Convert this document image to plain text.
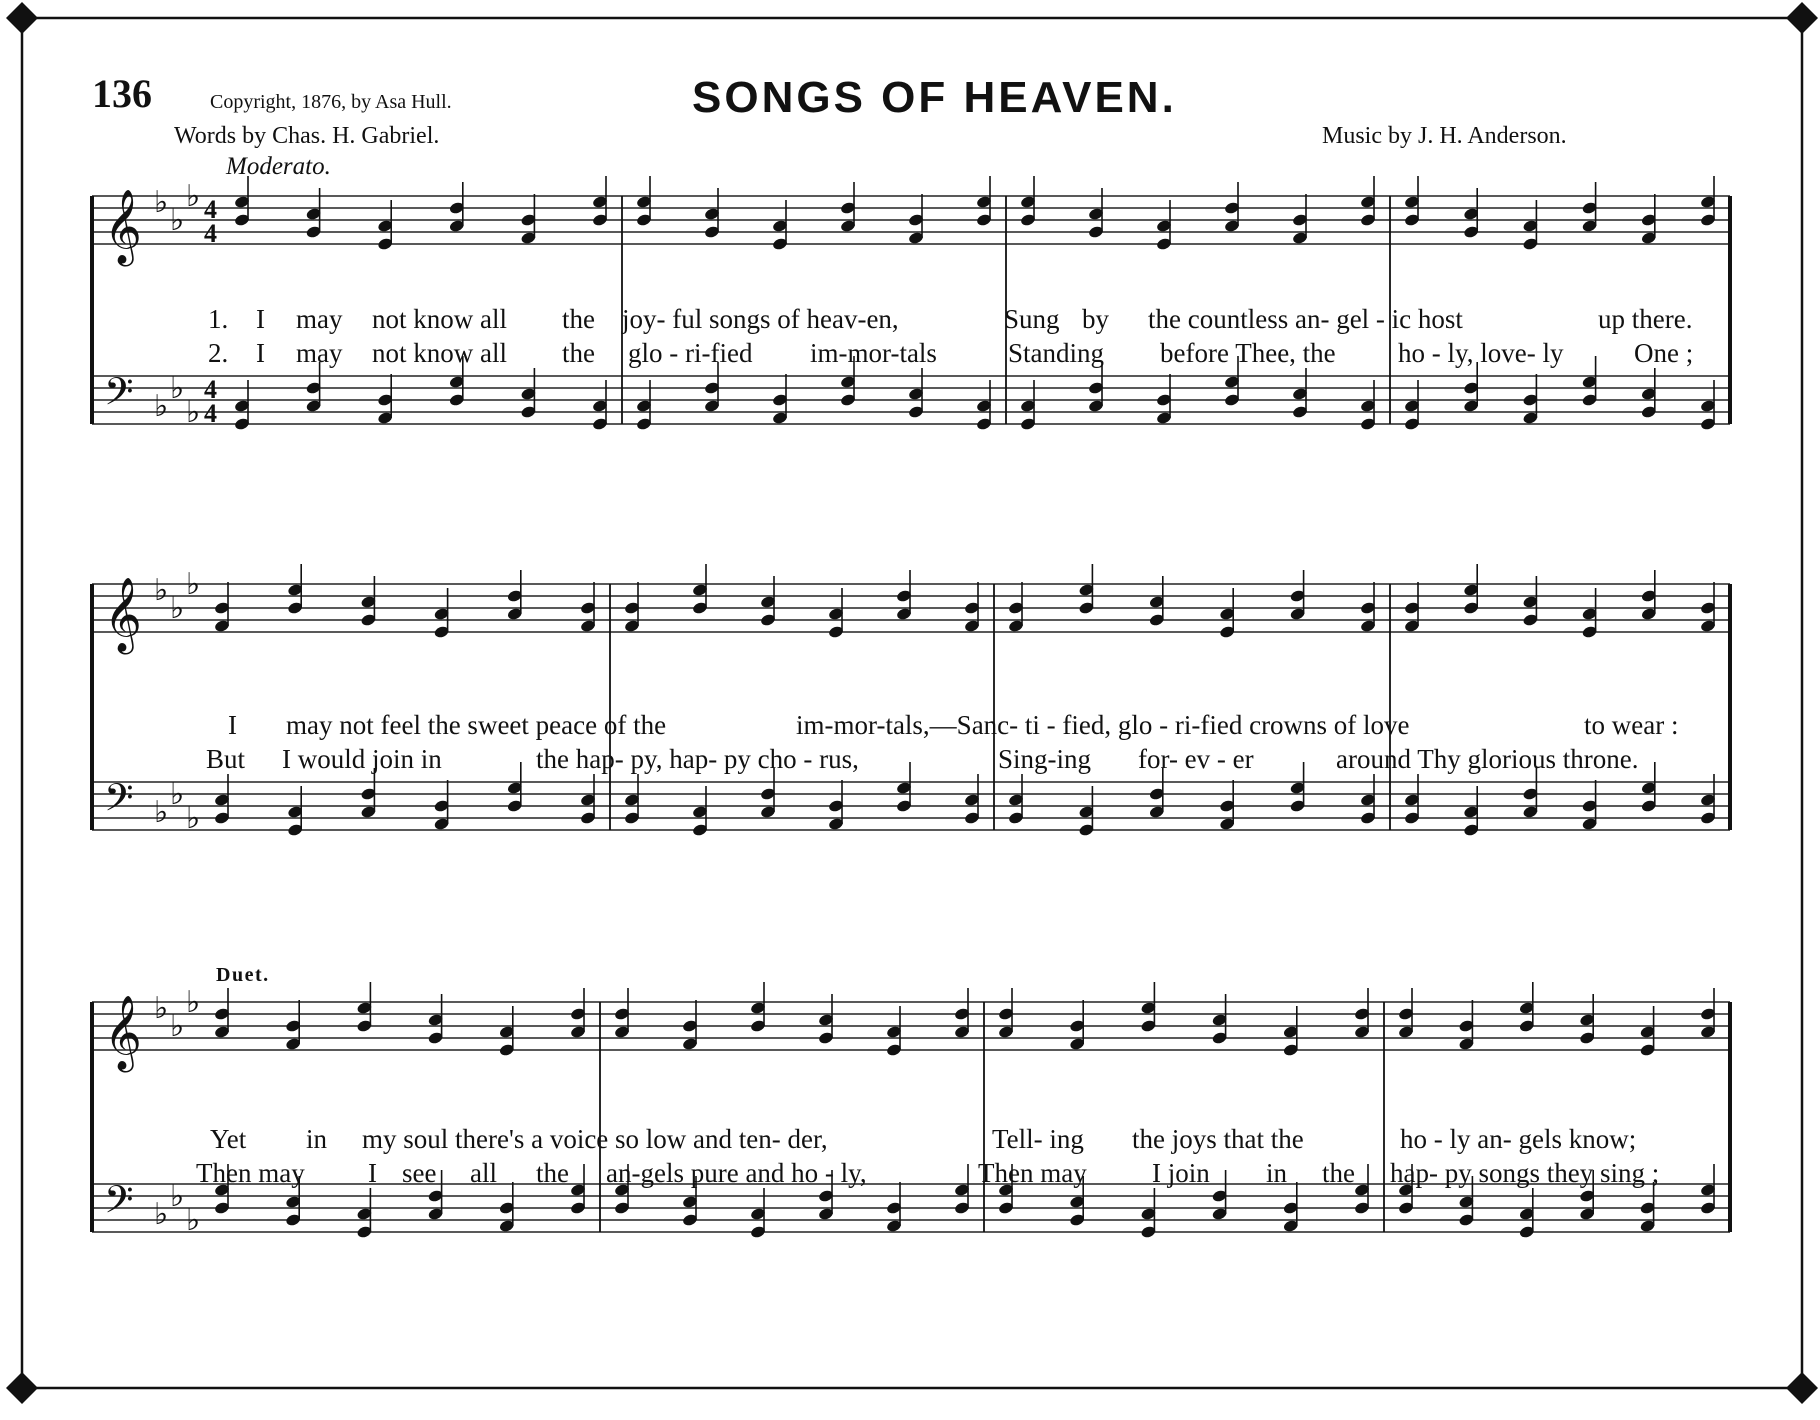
𝄞 ♭
♭
♭ 4
4
𝄢 ♭
♭
♭
4
4
𝄞 ♭
♭
♭
𝄢 ♭
♭
♭
𝄞 ♭
♭
♭
𝄢 ♭
♭
♭
136	Copyright, 1876, by Asa Hull.	SONGS OF HEAVEN.
Words by Chas. H. Gabriel.	Music by J. H. Anderson.
Moderato.
Duet.
1. I may not know all the joy- ful songs of heav-en,	Sung by the countless an- gel - ic host	up there.
2. I may not know all the glo - ri-fied im-mor-tals	Standing before Thee, the ho - ly, love- ly	One ;
I may not feel the sweet peace of the	im-mor-tals,—Sanc- ti - fied, glo - ri-fied crowns of love	to wear :
But I would join in	the hap- py, hap- py cho - rus,	Sing-ing for- ev - er	around Thy glorious throne.
Yet in my soul there's a voice so low and ten- der,	Tell- ing the joys that the	ho - ly an- gels know;
Then may I see all the an-gels pure and ho - ly,	Then may I join in the hap- py songs they sing ;
